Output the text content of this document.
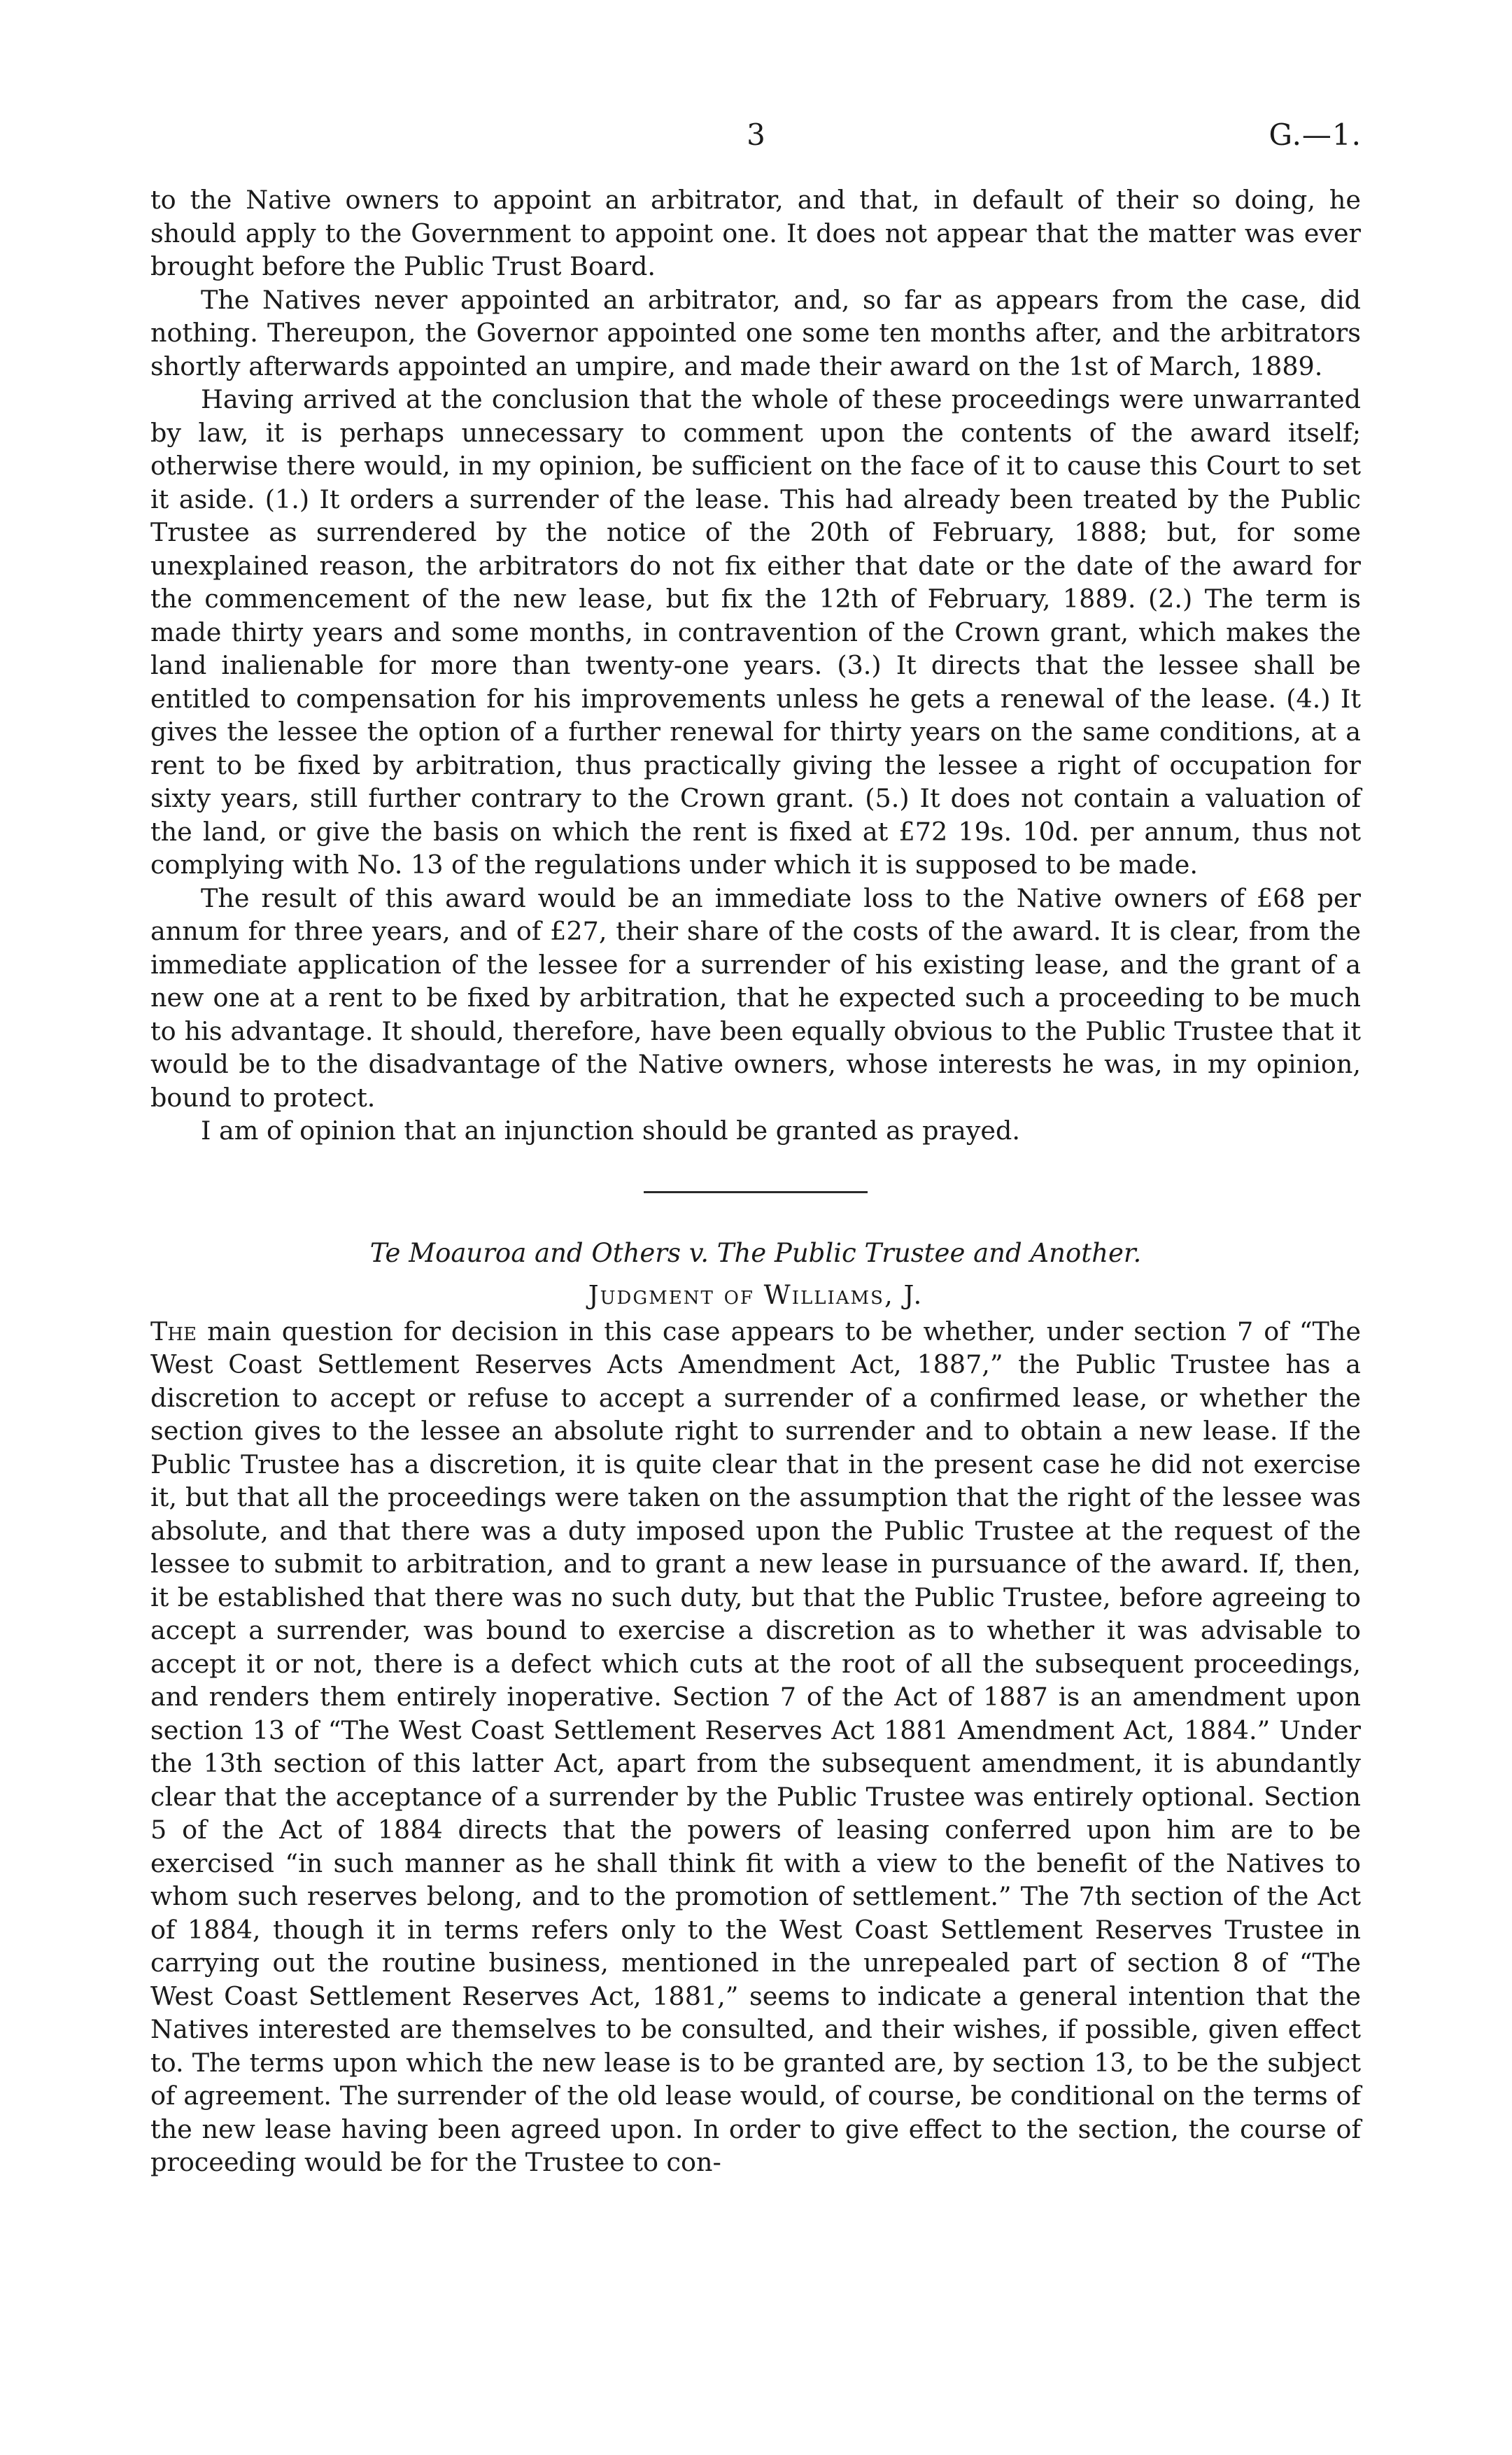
3	G.—1.

to the Native owners to appoint an arbitrator, and that, in default of their so doing, he should apply to the Government to appoint one. It does not appear that the matter was ever brought before the Public Trust Board.

The Natives never appointed an arbitrator, and, so far as appears from the case, did nothing. Thereupon, the Governor appointed one some ten months after, and the arbitrators shortly afterwards appointed an umpire, and made their award on the 1st of March, 1889.

Having arrived at the conclusion that the whole of these proceedings were unwarranted by law, it is perhaps unnecessary to comment upon the contents of the award itself; otherwise there would, in my opinion, be sufficient on the face of it to cause this Court to set it aside. (1.) It orders a surrender of the lease. This had already been treated by the Public Trustee as surrendered by the notice of the 20th of February, 1888; but, for some unexplained reason, the arbitrators do not fix either that date or the date of the award for the commencement of the new lease, but fix the 12th of February, 1889. (2.) The term is made thirty years and some months, in contravention of the Crown grant, which makes the land inalienable for more than twenty-one years. (3.) It directs that the lessee shall be entitled to compensation for his improvements unless he gets a renewal of the lease. (4.) It gives the lessee the option of a further renewal for thirty years on the same conditions, at a rent to be fixed by arbitration, thus practically giving the lessee a right of occupation for sixty years, still further contrary to the Crown grant. (5.) It does not contain a valuation of the land, or give the basis on which the rent is fixed at £72 19s. 10d. per annum, thus not complying with No. 13 of the regulations under which it is supposed to be made.

The result of this award would be an immediate loss to the Native owners of £68 per annum for three years, and of £27, their share of the costs of the award. It is clear, from the immediate application of the lessee for a surrender of his existing lease, and the grant of a new one at a rent to be fixed by arbitration, that he expected such a proceeding to be much to his advantage. It should, therefore, have been equally obvious to the Public Trustee that it would be to the disadvantage of the Native owners, whose interests he was, in my opinion, bound to protect.

I am of opinion that an injunction should be granted as prayed.

Te Moauroa and Others v. The Public Trustee and Another.
Judgment of Williams, J.

The main question for decision in this case appears to be whether, under section 7 of “The West Coast Settlement Reserves Acts Amendment Act, 1887,” the Public Trustee has a discretion to accept or refuse to accept a surrender of a confirmed lease, or whether the section gives to the lessee an absolute right to surrender and to obtain a new lease. If the Public Trustee has a discretion, it is quite clear that in the present case he did not exercise it, but that all the proceedings were taken on the assumption that the right of the lessee was absolute, and that there was a duty imposed upon the Public Trustee at the request of the lessee to submit to arbitration, and to grant a new lease in pursuance of the award. If, then, it be established that there was no such duty, but that the Public Trustee, before agreeing to accept a surrender, was bound to exercise a discretion as to whether it was advisable to accept it or not, there is a defect which cuts at the root of all the subsequent proceedings, and renders them entirely inoperative. Section 7 of the Act of 1887 is an amendment upon section 13 of “The West Coast Settlement Reserves Act 1881 Amendment Act, 1884.” Under the 13th section of this latter Act, apart from the subsequent amendment, it is abundantly clear that the acceptance of a surrender by the Public Trustee was entirely optional. Section 5 of the Act of 1884 directs that the powers of leasing conferred upon him are to be exercised “in such manner as he shall think fit with a view to the benefit of the Natives to whom such reserves belong, and to the promotion of settlement.” The 7th section of the Act of 1884, though it in terms refers only to the West Coast Settlement Reserves Trustee in carrying out the routine business, mentioned in the unrepealed part of section 8 of “The West Coast Settlement Reserves Act, 1881,” seems to indicate a general intention that the Natives interested are themselves to be consulted, and their wishes, if possible, given effect to. The terms upon which the new lease is to be granted are, by section 13, to be the subject of agreement. The surrender of the old lease would, of course, be conditional on the terms of the new lease having been agreed upon. In order to give effect to the section, the course of proceeding would be for the Trustee to con-
